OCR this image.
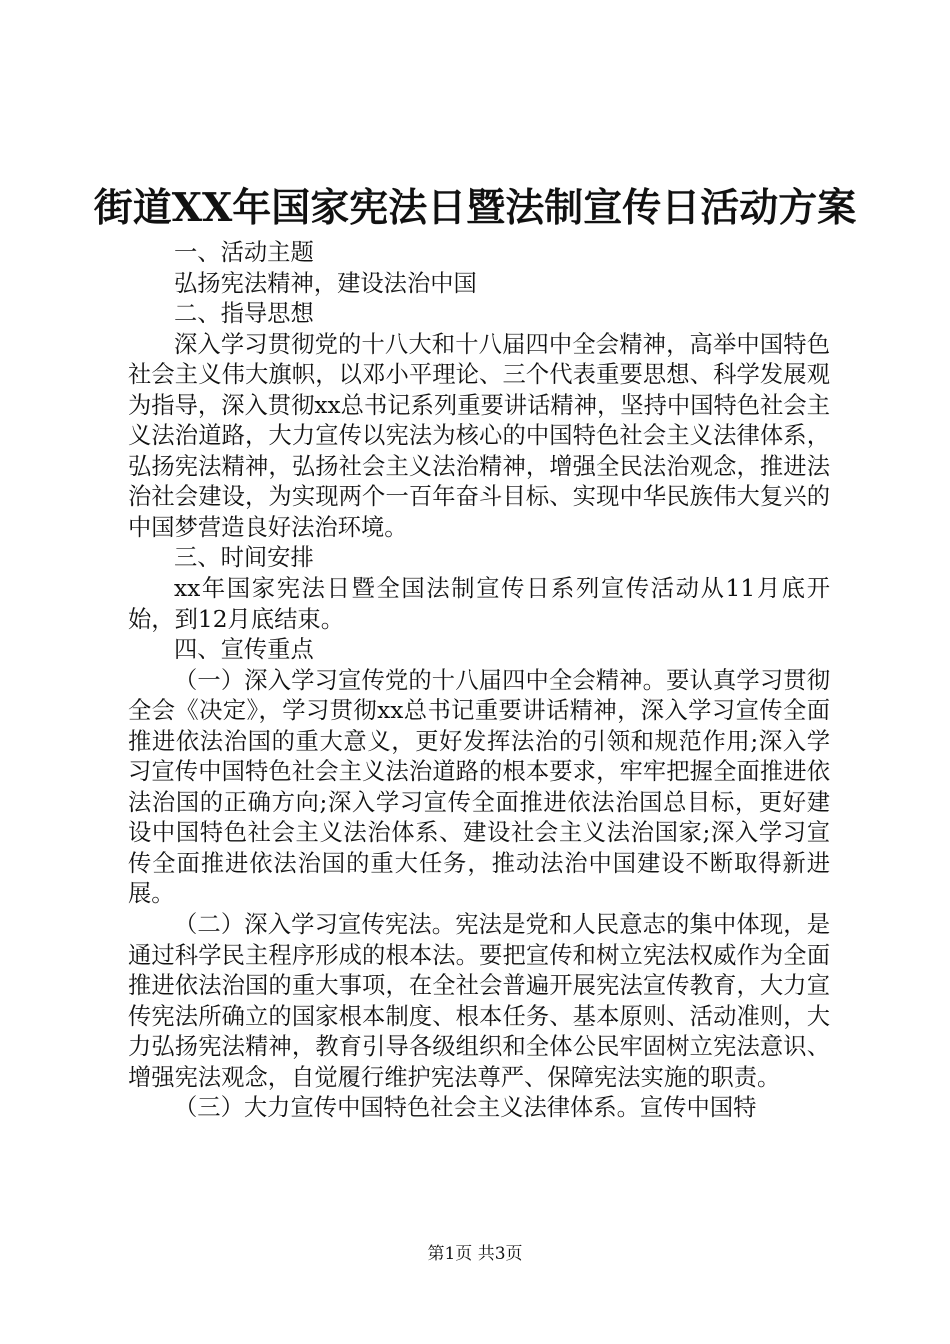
街道XX年国家宪法日暨法制宣传日活动方案

一、活动主题

弘扬宪法精神，建设法治中国

二、指导思想

深入学习贯彻党的十八大和十八届四中全会精神，高举中国特色社会主义伟大旗帜，以邓小平理论、三个代表重要思想、科学发展观为指导，深入贯彻xx总书记系列重要讲话精神，坚持中国特色社会主义法治道路，大力宣传以宪法为核心的中国特色社会主义法律体系，弘扬宪法精神，弘扬社会主义法治精神，增强全民法治观念，推进法治社会建设，为实现两个一百年奋斗目标、实现中华民族伟大复兴的中国梦营造良好法治环境。

三、时间安排

xx年国家宪法日暨全国法制宣传日系列宣传活动从11月底开始，到12月底结束。

四、宣传重点

（一）深入学习宣传党的十八届四中全会精神。要认真学习贯彻全会《决定》，学习贯彻xx总书记重要讲话精神，深入学习宣传全面推进依法治国的重大意义，更好发挥法治的引领和规范作用;深入学习宣传中国特色社会主义法治道路的根本要求，牢牢把握全面推进依法治国的正确方向;深入学习宣传全面推进依法治国总目标，更好建设中国特色社会主义法治体系、建设社会主义法治国家;深入学习宣传全面推进依法治国的重大任务，推动法治中国建设不断取得新进展。

（二）深入学习宣传宪法。宪法是党和人民意志的集中体现，是通过科学民主程序形成的根本法。要把宣传和树立宪法权威作为全面推进依法治国的重大事项，在全社会普遍开展宪法宣传教育，大力宣传宪法所确立的国家根本制度、根本任务、基本原则、活动准则，大力弘扬宪法精神，教育引导各级组织和全体公民牢固树立宪法意识、增强宪法观念，自觉履行维护宪法尊严、保障宪法实施的职责。

（三）大力宣传中国特色社会主义法律体系。宣传中国特

第1页 共3页
